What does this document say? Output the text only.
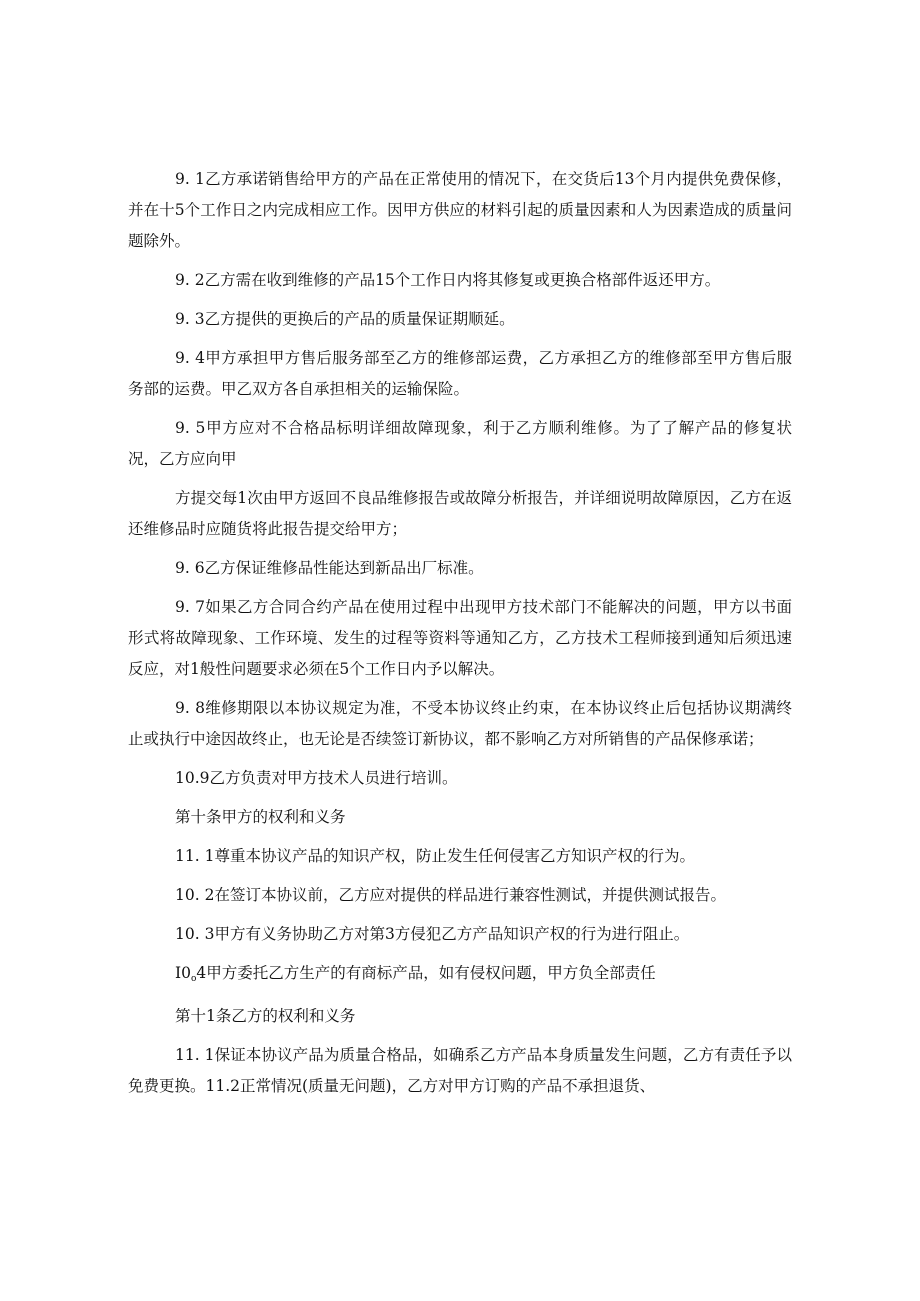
9. 1乙方承诺销售给甲方的产品在正常使用的情况下，在交货后13个月内提供免费保修，并在十5个工作日之内完成相应工作。因甲方供应的材料引起的质量因素和人为因素造成的质量问题除外。

9. 2乙方需在收到维修的产品15个工作日内将其修复或更换合格部件返还甲方。

9. 3乙方提供的更换后的产品的质量保证期顺延。

9. 4甲方承担甲方售后服务部至乙方的维修部运费，乙方承担乙方的维修部至甲方售后服务部的运费。甲乙双方各自承担相关的运输保险。

9. 5甲方应对不合格品标明详细故障现象，利于乙方顺利维修。为了了解产品的修复状况，乙方应向甲

方提交每1次由甲方返回不良品维修报告或故障分析报告，并详细说明故障原因，乙方在返还维修品时应随货将此报告提交给甲方；

9. 6乙方保证维修品性能达到新品出厂标准。

9. 7如果乙方合同合约产品在使用过程中出现甲方技术部门不能解决的问题，甲方以书面形式将故障现象、工作环境、发生的过程等资料等通知乙方，乙方技术工程师接到通知后须迅速反应，对1般性问题要求必须在5个工作日内予以解决。

9. 8维修期限以本协议规定为准，不受本协议终止约束，在本协议终止后包括协议期满终止或执行中途因故终止，也无论是否续签订新协议，都不影响乙方对所销售的产品保修承诺；

10.9乙方负责对甲方技术人员进行培训。

第十条甲方的权利和义务

11. 1尊重本协议产品的知识产权，防止发生任何侵害乙方知识产权的行为。

10. 2在签订本协议前，乙方应对提供的样品进行兼容性测试，并提供测试报告。

10. 3甲方有义务协助乙方对第3方侵犯乙方产品知识产权的行为进行阻止。

I0o4甲方委托乙方生产的有商标产品，如有侵权问题，甲方负全部责任

第十1条乙方的权利和义务

11. 1保证本协议产品为质量合格品，如确系乙方产品本身质量发生问题，乙方有责任予以免费更换。11.2正常情况(质量无问题)，乙方对甲方订购的产品不承担退货、
